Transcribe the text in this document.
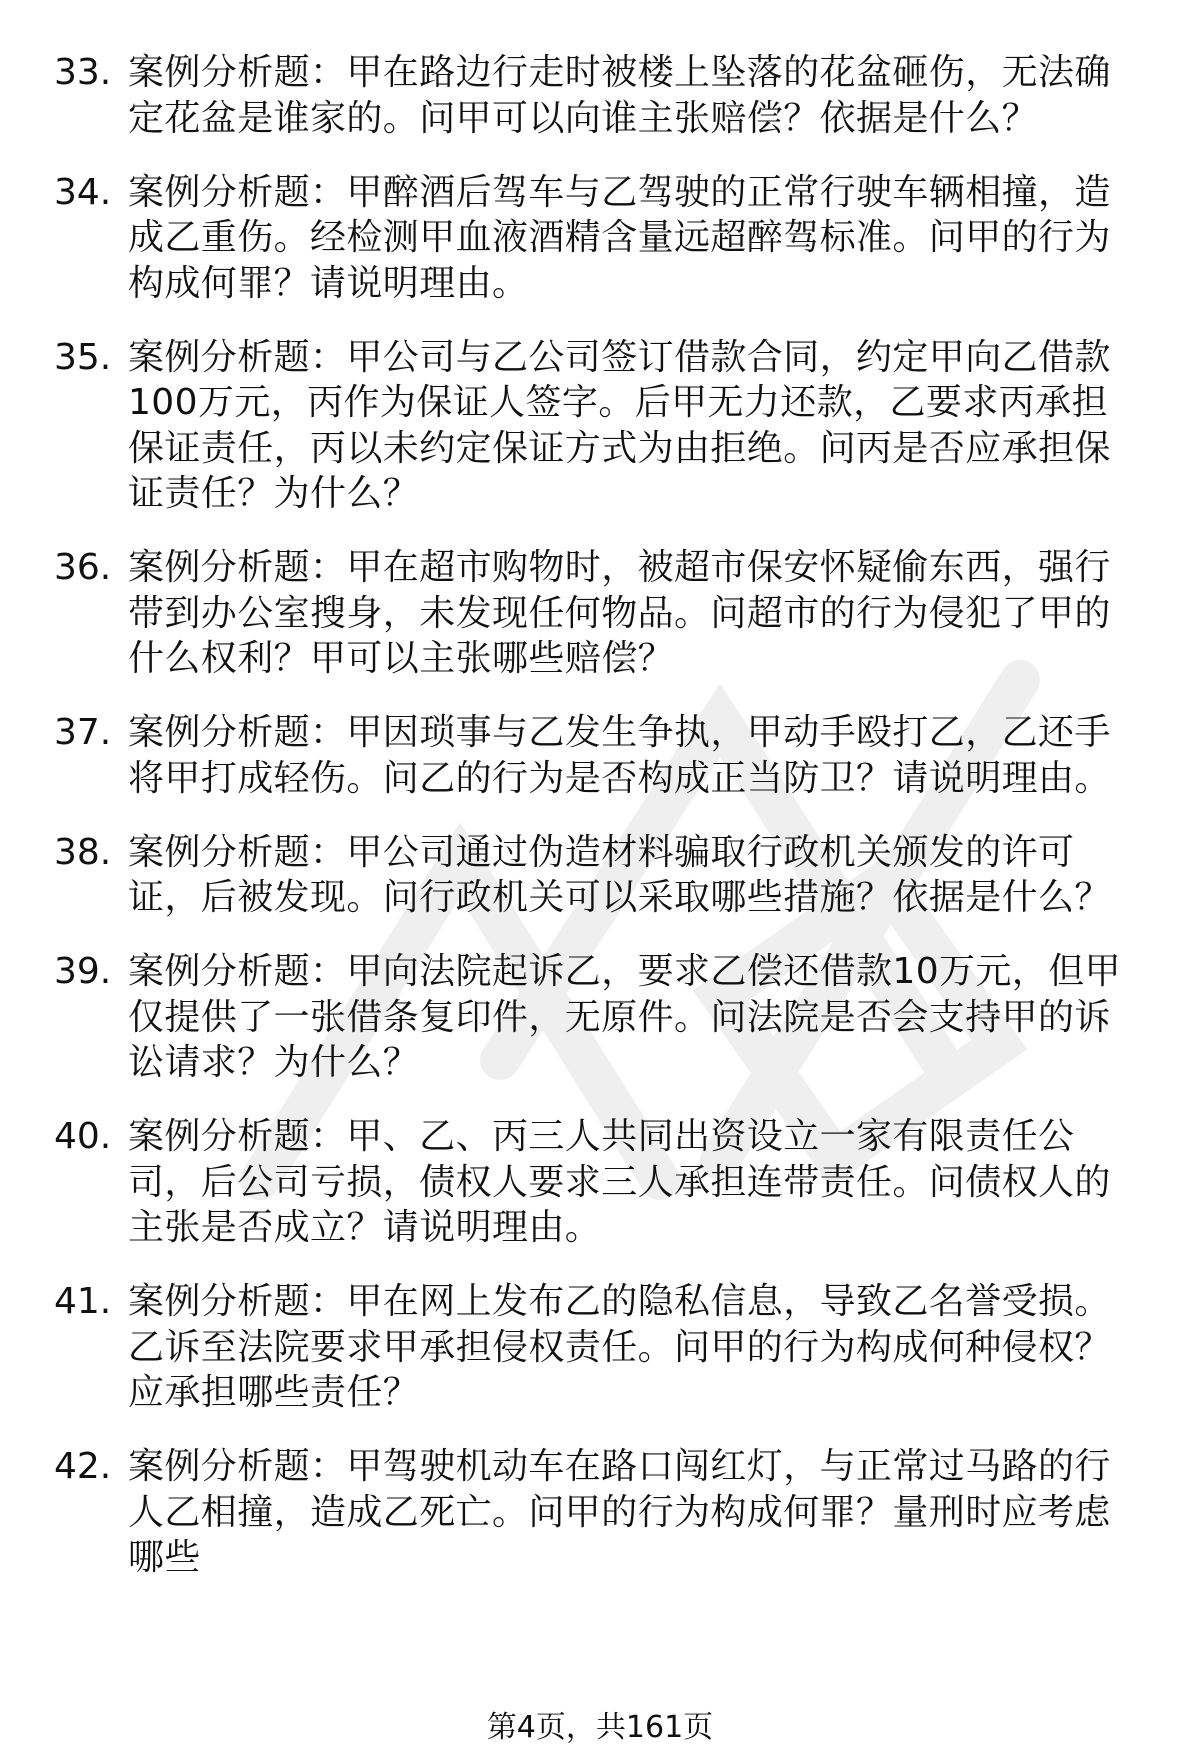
33. 案例分析题：甲在路边行走时被楼上坠落的花盆砸伤，无法确定花盆是谁家的。问甲可以向谁主张赔偿？依据是什么？
34. 案例分析题：甲醉酒后驾车与乙驾驶的正常行驶车辆相撞，造成乙重伤。经检测甲血液酒精含量远超醉驾标准。问甲的行为构成何罪？请说明理由。
35. 案例分析题：甲公司与乙公司签订借款合同，约定甲向乙借款100万元，丙作为保证人签字。后甲无力还款，乙要求丙承担保证责任，丙以未约定保证方式为由拒绝。问丙是否应承担保证责任？为什么？
36. 案例分析题：甲在超市购物时，被超市保安怀疑偷东西，强行带到办公室搜身，未发现任何物品。问超市的行为侵犯了甲的什么权利？甲可以主张哪些赔偿？
37. 案例分析题：甲因琐事与乙发生争执，甲动手殴打乙，乙还手将甲打成轻伤。问乙的行为是否构成正当防卫？请说明理由。
38. 案例分析题：甲公司通过伪造材料骗取行政机关颁发的许可证，后被发现。问行政机关可以采取哪些措施？依据是什么？
39. 案例分析题：甲向法院起诉乙，要求乙偿还借款10万元，但甲仅提供了一张借条复印件，无原件。问法院是否会支持甲的诉讼请求？为什么？
40. 案例分析题：甲、乙、丙三人共同出资设立一家有限责任公司，后公司亏损，债权人要求三人承担连带责任。问债权人的主张是否成立？请说明理由。
41. 案例分析题：甲在网上发布乙的隐私信息，导致乙名誉受损。乙诉至法院要求甲承担侵权责任。问甲的行为构成何种侵权？应承担哪些责任？
42. 案例分析题：甲驾驶机动车在路口闯红灯，与正常过马路的行人乙相撞，造成乙死亡。问甲的行为构成何罪？量刑时应考虑哪些
第4页，共161页
